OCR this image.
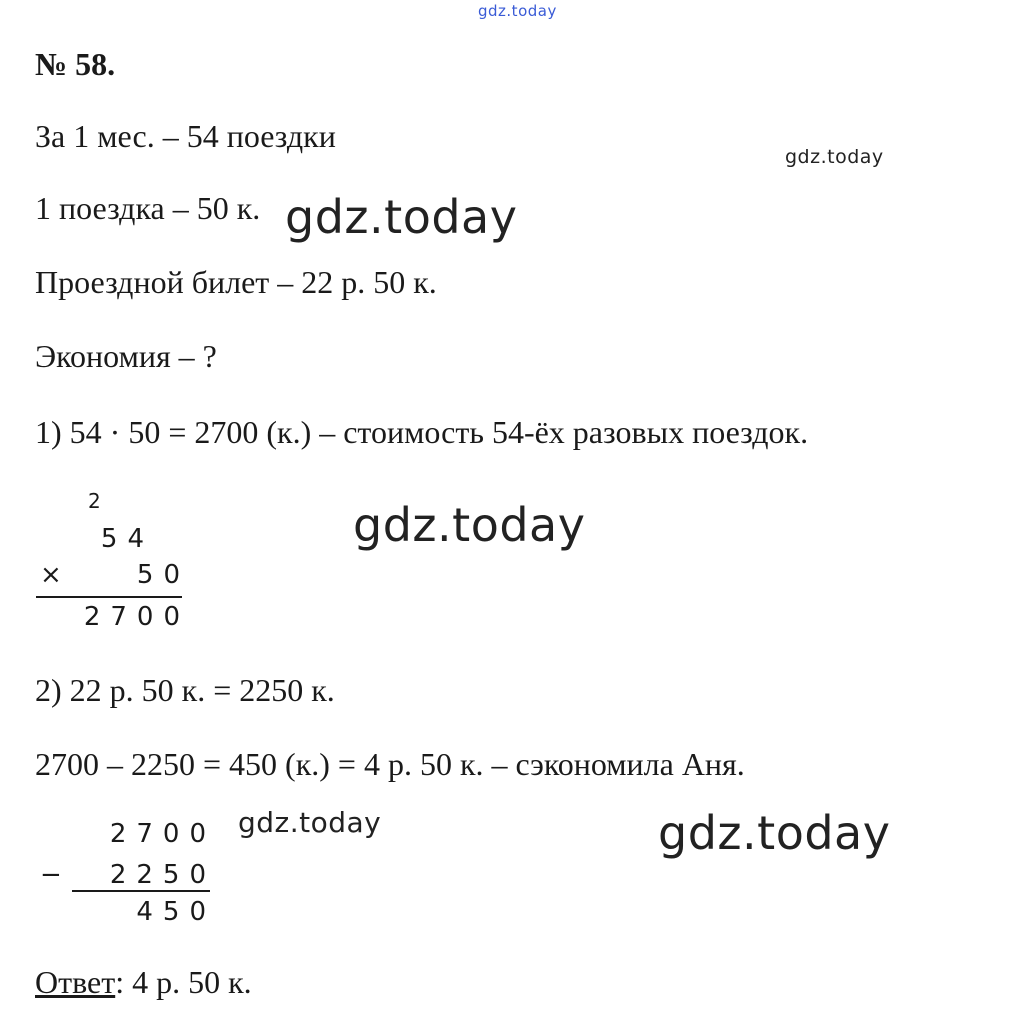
gdz.today
gdz.today
№ 58.
За 1 мес. – 54 поездки
1 поездка – 50 к.
Проездной билет – 22 р. 50 к.
Экономия – ?
gdz.today
1) 54 · 50 = 2700 (к.) – стоимость 54-ёх разовых поездок.
2
54
×	50
2700
gdz.today
2) 22 р. 50 к. = 2250 к.
2700 – 2250 = 450 (к.) = 4 р. 50 к. – сэкономила Аня.
2700
−	2250
450
gdz.today	gdz.today
Ответ: 4 р. 50 к.
